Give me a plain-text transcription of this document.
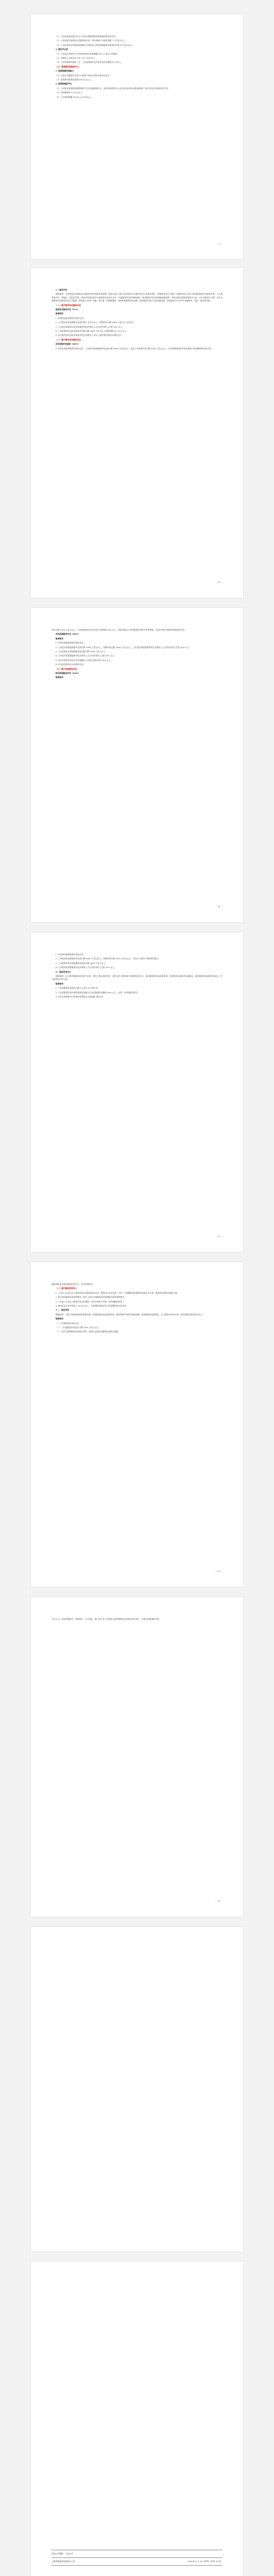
（1）上年度获国际组合作分工布局支撑的服务国家级载体建设的企业；

（2）上年度获区批准的自贸服务业标准；海外独资支引进资金额 77 亿美元以上；

（3）上年度承担获外商组成新模式开展进出口的国家级服务业推进项目额 50 亿美元以上。

3. 服务平台类

（1）上年度区获国内平台外资本投资企业数量累计达 15 家以上的载体；

（2）区域进入中国企业 100 万元人民币以上；

（3）上年度新增申报第二文、上年度使国际化市场开拓企业数量 50 家以上。

（三）培育新形势服务中心

1. 培育数据发展能力

（1）认证区实施规管开展平台规划下审查专利机会的外包企业；

（2）投资数字服务贸易额 550 亿元以上。

2. 培育数据资产化

（1）上年度从事国际服务数据资产化及功能数据平台、海外投资研发中心及在国内投资本化集成转换产业社会信息实际的机会企业；

（2）营业额收购 15 亿元以上；

（3）上年度收购额 100 亿元人民币以上。

— 1 —

八、服务外包

领域说明：为贯彻落实国务院有关服务外包发展的决策部署，推进中国(上海)自贸试验区以及服务外包示范城市建设，将服务外包作为提升上海城市核心竞争力和国际影响力的重要支撑，大力推进数字化、智能化、国际化发展，培育具有国际竞争力的服务外包龙头企业，打造服务外包发展新高地，推动服务外包向价值链高端延伸，形成以知识密集型服务为主体、以专业服务为支撑、具有全球影响力的服务外包产业集群，积极参与全球产业链、供应链、价值链重构，加快培育服务外包品牌，推动服务外包产业高质量发展，形成更高水平对外开放新格局，营造一流营商环境。

（一）基于数字技术服务外包

信息技术服务外包（ITO）

培育要求：

1. 从事信息技术服务外包的企业；

2. 上年度信息技术服务外包执行额 1 亿美元以上，或离岸执行额 5000 万美元以上的企业；

3. 上年度从事离岸信息技术服务外包业务收入占企业营业收入比重 50% 以上；

4. 上年度离岸信息技术服务外包执行额 5000 万美元以上或离岸额占比 50% 以上；

5. 符合条件的信息技术服务外包企业拥有 3 项以上软件著作权或专利的企业。

（二）基于数字技术服务外包

业务流程外包服务（BPO）

6. 从事业务流程服务外包的企业，上年度业务流程服务外包执行额 5000 万美元以上，或者上年度离岸执行额 3000 万美元以上，具有较强的国际市场开拓能力和品牌影响力的企业。

— 19 —

包总计额 1000 万美元以上；上海市服务外包企业重点业务领域 50% 以上；承担国家及上海市服务外包相关业务领域，为国内外客户提供优质服务的企业。

业务流程服务外包（BPO）

培育要求：

1. 从事业务流程服务外包的企业；

2. 上年度业务流程服务外包执行额 5000 万美元以上，或离岸执行额 3000 万美元以上，上年度业务流程服务外包业务收入占企业营业收入比重 50% 以上；

3. 上年度离岸业务流程服务外包执行额 3000 万美元以上；

4. 上年度业务流程服务外包业务收入占企业营业收入比重 50% 以上；

5. 企业从事的业务外包业务规模在上年度占国际业务 50% 以上；

6. 具有国际资质认证体系的企业。

（三）基于知识服务外包

知识流程服务外包（KPO）

培育要求：

— 20 —

1. 从事知识流程服务外包的企业；

2. 上年度知识流程服务外包执行额 5000 万美元以上，或离岸执行额 3000 万美元以上，具有自主知识产权的研发能力；

3. 上年度离岸知识流程服务外包执行额 3000 万美元以上；

4. 上年度知识流程服务外包业务收入占企业营业收入比重 50% 以上。

九、服务贸易中心

领域说明：以上海市服务贸易发展为目标，依托上海自贸试验区，建设具有全球影响力的服务贸易中心，推动服务贸易高质量发展，培育服务贸易新业态新模式，深化服务贸易创新发展试点，扩大服务业对外开放。

培育要求：

1. 上年度服务贸易进出口额 1 亿美元以上的企业；

2. 上年度服务贸易中离岸服务贸易额占企业总服务贸易额的 50% 以上，具有一定的国际竞争力；

3. 具有完善的知识产权保护体系和自主创新能力的企业。

— 21 —

服务商贸易方面有较强的竞争力，企业发展较好。

（二）基于服务贸易中心

1. 上年度 16 家及以上境外投资实际服务贸易企业，服务出口实际业务，具有一定规模的国际服务贸易进出口业务，服务贸易创新发展能力强。

2. 参与国际服务贸易规则制定，提升上海在全球服务贸易领域的话语权和影响力。

3. 上年度 15 家以上服务贸易企业集聚，具有完善的产业链、供应链配套体系。

4. 服务贸易企业营业收入 50 亿元以上，有较强的国际竞争力和品牌影响力的企业。

十一、服务贸易

领域说明：支持上海市服务贸易创新发展，促进服务贸易高质量发展，加快构建开放型经济新体制，推进服务贸易便利化，扩大服务业对外开放，提升服务贸易国际竞争力。

培育要求：

（一）从事服务贸易的企业；

（二）上年度服务贸易进出口额 1000 万美元以上；

（三）具有完善的服务贸易统计体系，按规定及时报送服务贸易统计数据。

— 22 —

方法公示。具体申报程序、受理条件、公示安排、部门认定等工作按照上海市商务委员会相关规定执行，具体以申报通知为准。

— 23 —
信息公开属性：主动公开
上海市服务贸易协会办公室	2020年 3 月 18 日印发（共印 50 份）
